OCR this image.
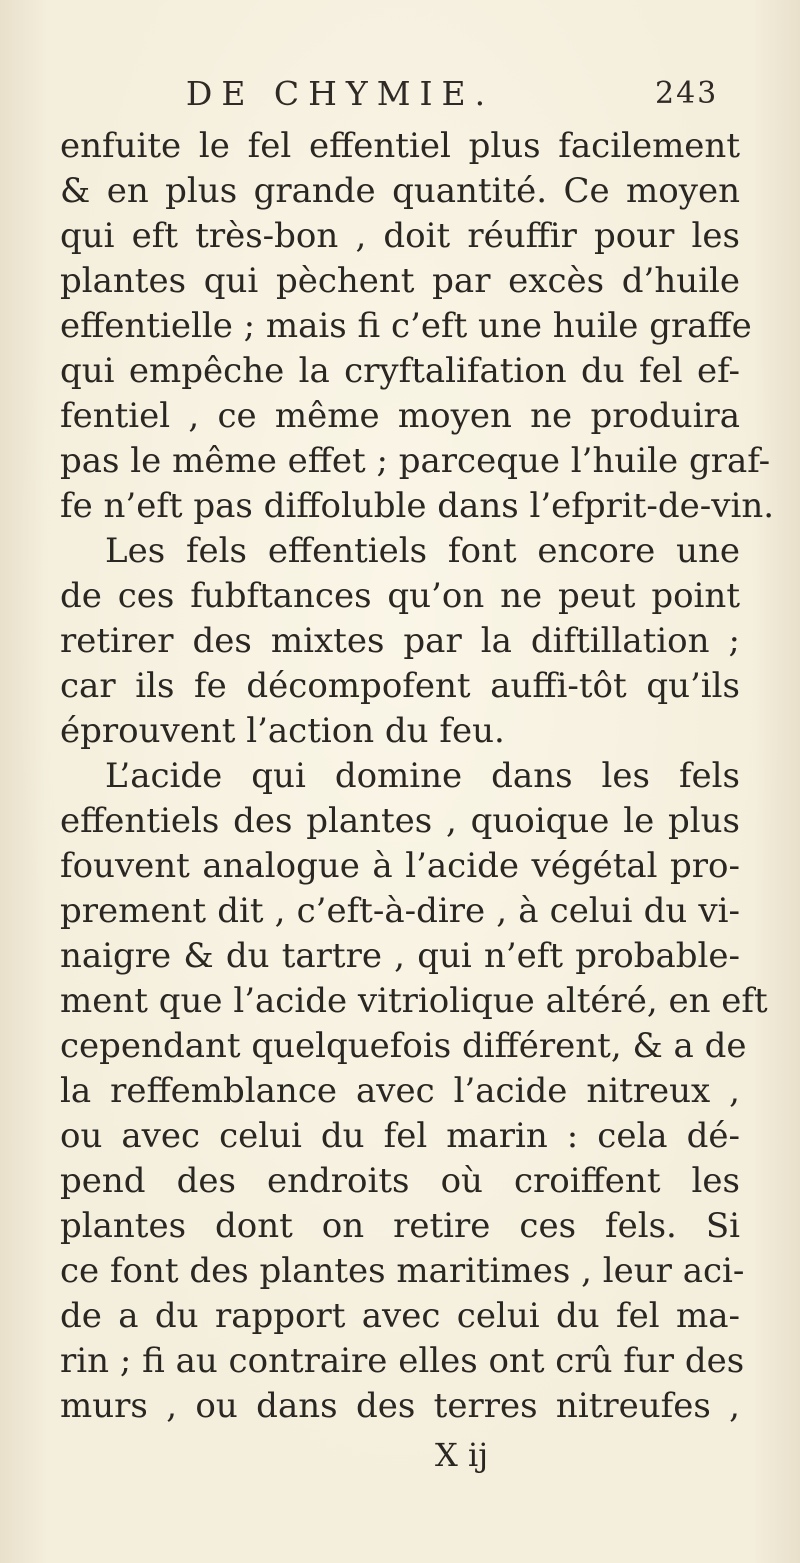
DE CHYMIE.	243
enfuite le fel effentiel plus facilement
& en plus grande quantité. Ce moyen
qui eft très-bon , doit réuffir pour les
plantes qui pèchent par excès d’huile
effentielle ; mais fi c’eft une huile graffe
qui empêche la cryftalifation du fel ef-
fentiel , ce même moyen ne produira
pas le même effet ; parceque l’huile graf-
fe n’eft pas diffoluble dans l’efprit-de-vin.
Les fels effentiels font encore une
de ces fubftances qu’on ne peut point
retirer des mixtes par la diftillation ;
car ils fe décompofent auffi-tôt qu’ils
éprouvent l’action du feu.
L’acide qui domine dans les fels
effentiels des plantes , quoique le plus
fouvent analogue à l’acide végétal pro-
prement dit , c’eft-à-dire , à celui du vi-
naigre & du tartre , qui n’eft probable-
ment que l’acide vitriolique altéré, en eft
cependant quelquefois différent, & a de
la reffemblance avec l’acide nitreux ,
ou avec celui du fel marin : cela dé-
pend des endroits où croiffent les
plantes dont on retire ces fels. Si
ce font des plantes maritimes , leur aci-
de a du rapport avec celui du fel ma-
rin ; fi au contraire elles ont crû fur des
murs , ou dans des terres nitreufes ,
X ij
